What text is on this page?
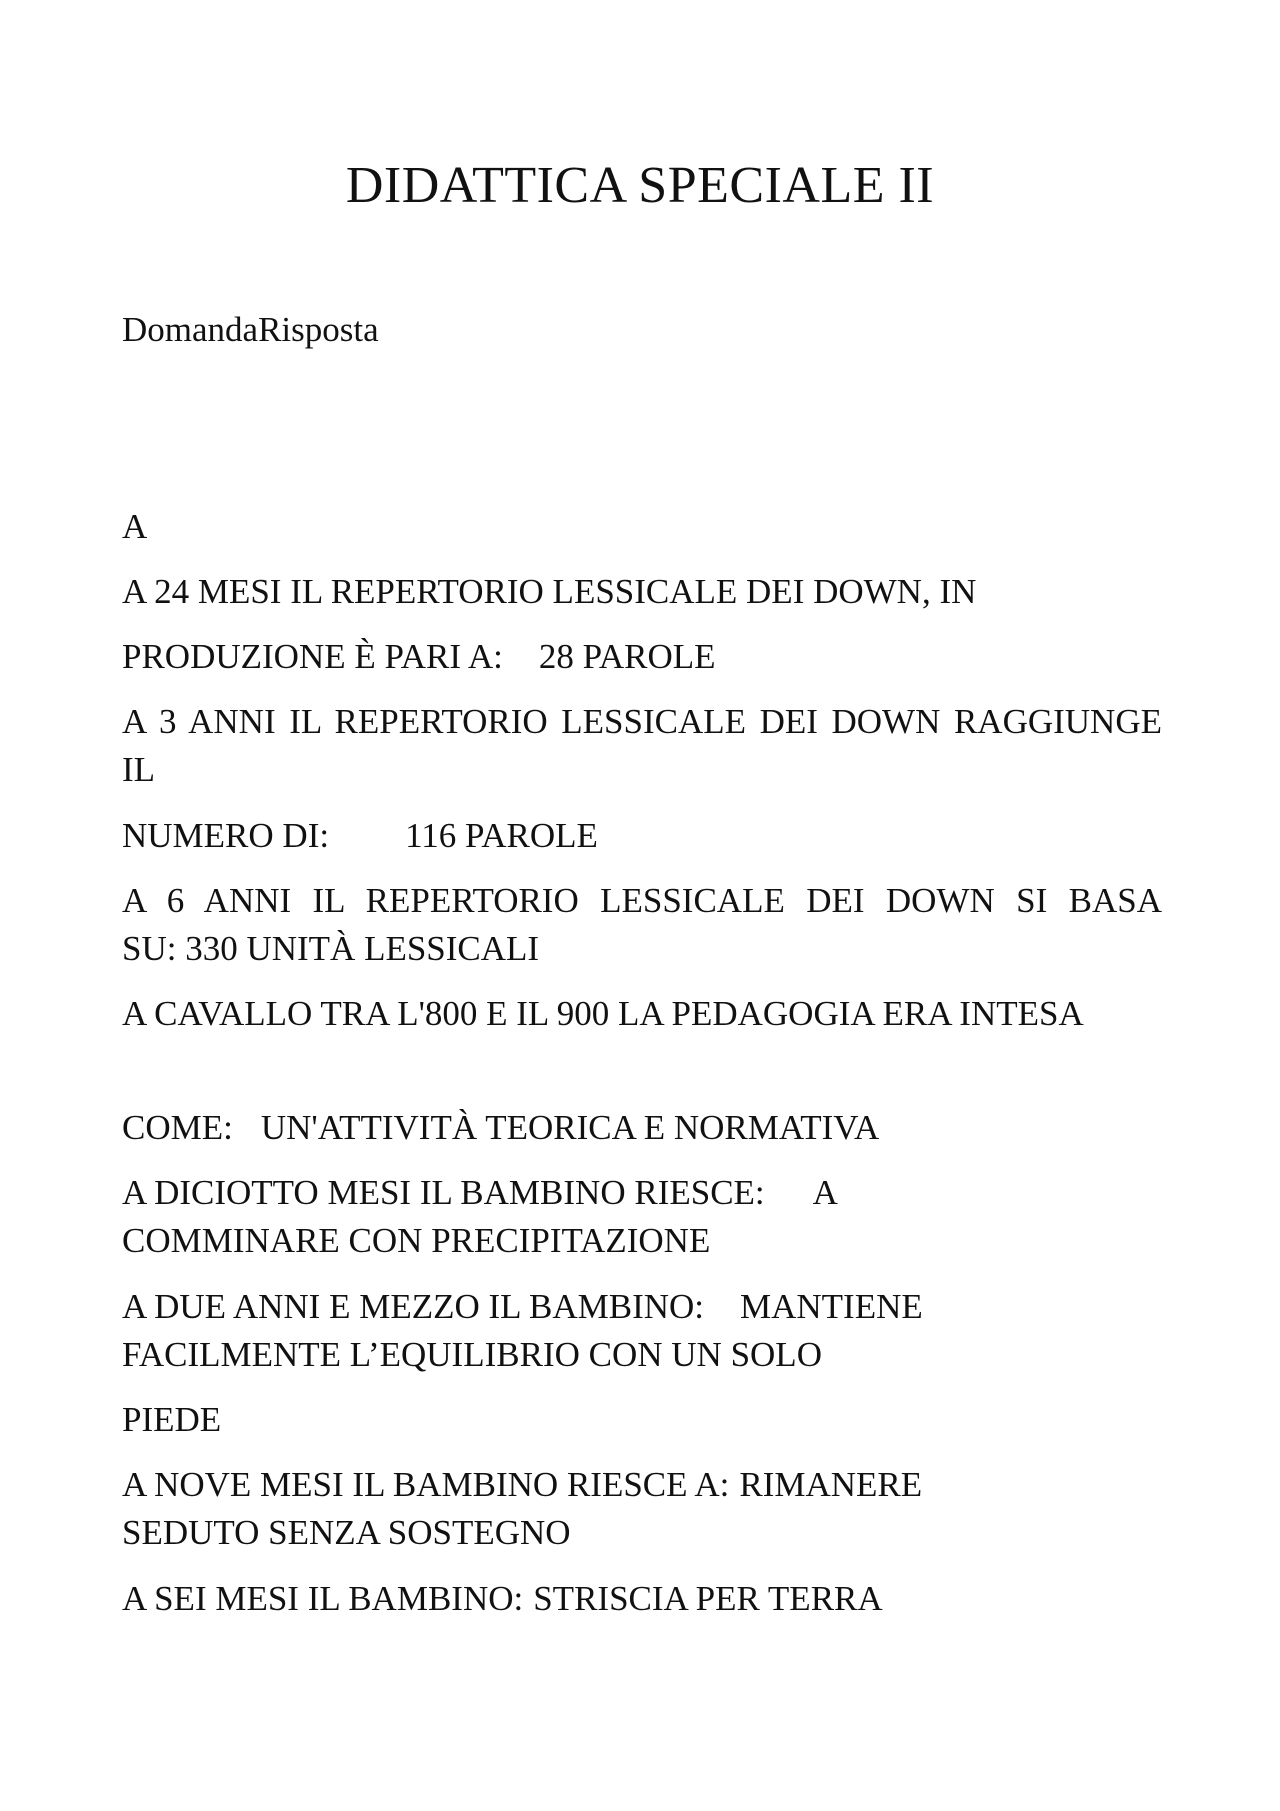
DIDATTICA SPECIALE II
DomandaRisposta
A
A 24 MESI IL REPERTORIO LESSICALE DEI DOWN, IN
PRODUZIONE È PARI A: 28 PAROLE
A 3 ANNI IL REPERTORIO LESSICALE DEI DOWN RAGGIUNGE IL
NUMERO DI: 116 PAROLE
A 6 ANNI IL REPERTORIO LESSICALE DEI DOWN SI BASA SU: 330 UNITÀ LESSICALI
A CAVALLO TRA L'800 E IL 900 LA PEDAGOGIA ERA INTESA
COME: UN'ATTIVITÀ TEORICA E NORMATIVA
A DICIOTTO MESI IL BAMBINO RIESCE: A
COMMINARE CON PRECIPITAZIONE
A DUE ANNI E MEZZO IL BAMBINO: MANTIENE
FACILMENTE L’EQUILIBRIO CON UN SOLO
PIEDE
A NOVE MESI IL BAMBINO RIESCE A: RIMANERE
SEDUTO SENZA SOSTEGNO
A SEI MESI IL BAMBINO: STRISCIA PER TERRA
